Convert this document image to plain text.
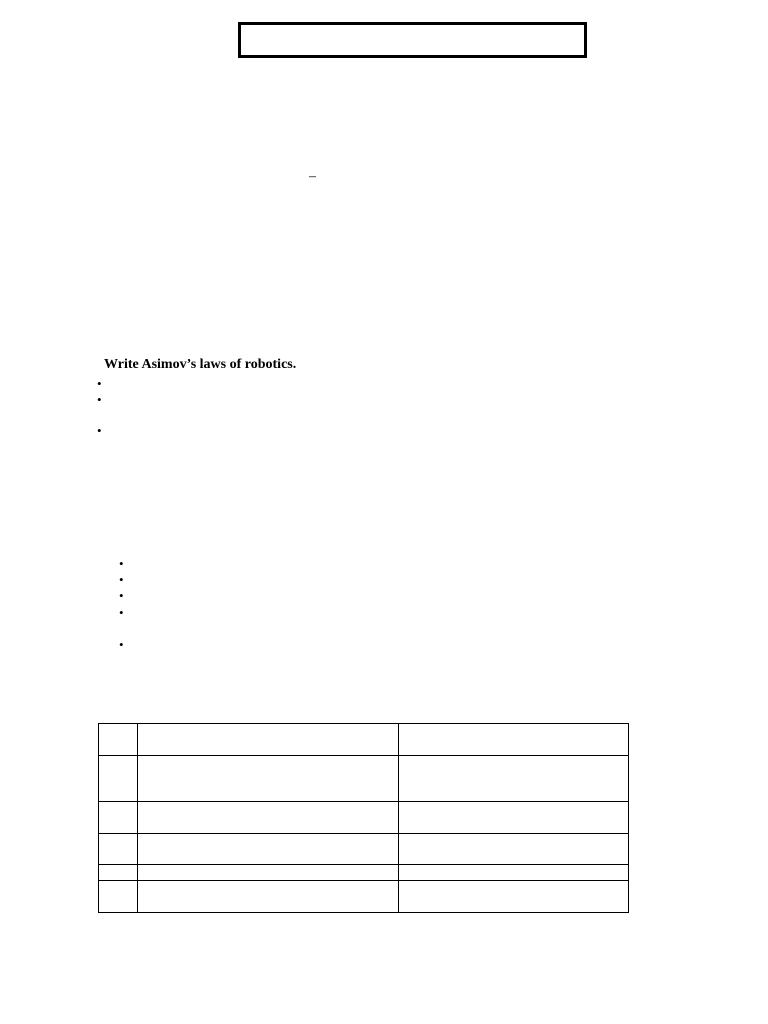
–
Write Asimov’s laws of robotics.
•
•
•
•
•
•
•
•
